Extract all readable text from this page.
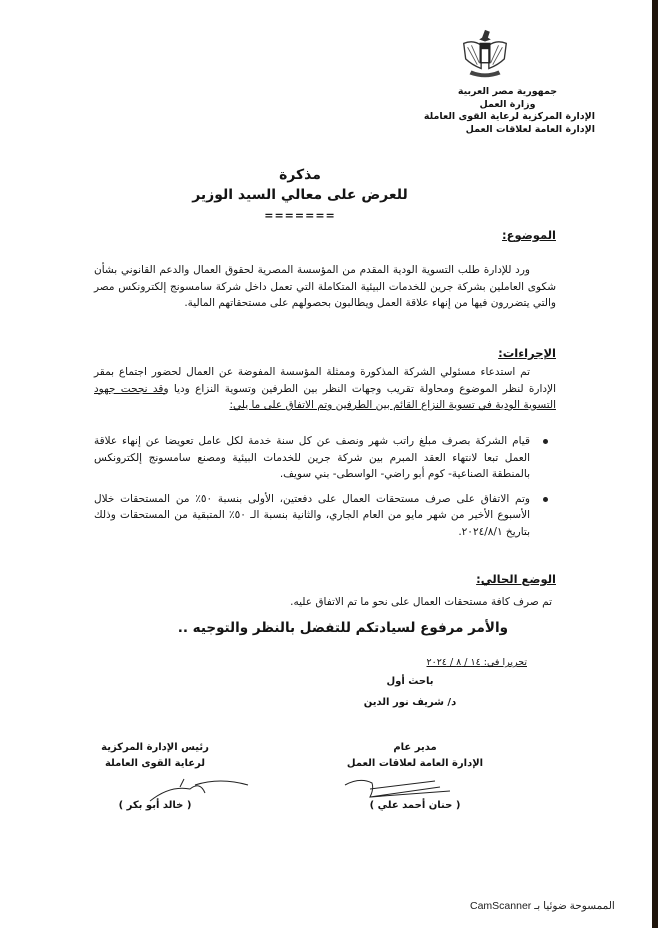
جمهورية مصر العربية
وزارة العمل
الإدارة المركزية لرعاية القوى العاملة
الإدارة العامة لعلاقات العمل
مذكرة
للعرض على معالي السيد الوزير
=======
الموضوع:
ورد للإدارة طلب التسوية الودية المقدم من المؤسسة المصرية لحقوق العمال والدعم القانوني بشأن شكوى العاملين بشركة جرين للخدمات البيئية المتكاملة التي تعمل داخل شركة سامسونج إلكترونكس مصر والتي يتضررون فيها من إنهاء علاقة العمل ويطالبون بحصولهم على مستحقاتهم المالية.
الإجراءات:
تم استدعاء مسئولي الشركة المذكورة وممثلة المؤسسة المفوضة عن العمال لحضور اجتماع بمقر الإدارة لنظر الموضوع ومحاولة تقريب وجهات النظر بين الطرفين وتسوية النزاع وديا وقد نجحت جهود التسوية الودية في تسوية النزاع القائم بين الطرفين وتم الاتفاق على ما يلي:
قيام الشركة بصرف مبلغ راتب شهر ونصف عن كل سنة خدمة لكل عامل تعويضا عن إنهاء علاقة العمل تبعا لانتهاء العقد المبرم بين شركة جرين للخدمات البيئية ومصنع سامسونج إلكترونكس بالمنطقة الصناعية- كوم أبو راضي- الواسطى- بني سويف.
وتم الاتفاق على صرف مستحقات العمال على دفعتين، الأولى بنسبة ٥٠٪ من المستحقات خلال الأسبوع الأخير من شهر مايو من العام الجاري، والثانية بنسبة الـ ٥٠٪ المتبقية من المستحقات وذلك بتاريخ ٢٠٢٤/٨/١.
الوضع الحالي:
تم صرف كافة مستحقات العمال على نحو ما تم الاتفاق عليه.
والأمر مرفوع لسيادتكم للتفضل بالنظر والتوجيه ..
تحريرا في: ١٤ / ٨ / ٢٠٢٤
باحث أول
د/ شريف نور الدين
مدير عام
الإدارة العامة لعلاقات العمل
( حنان أحمد علي )
رئيس الإدارة المركزية
لرعاية القوى العاملة
( خالد أبو بكر )
الممسوحة ضوئيا بـ CamScanner
